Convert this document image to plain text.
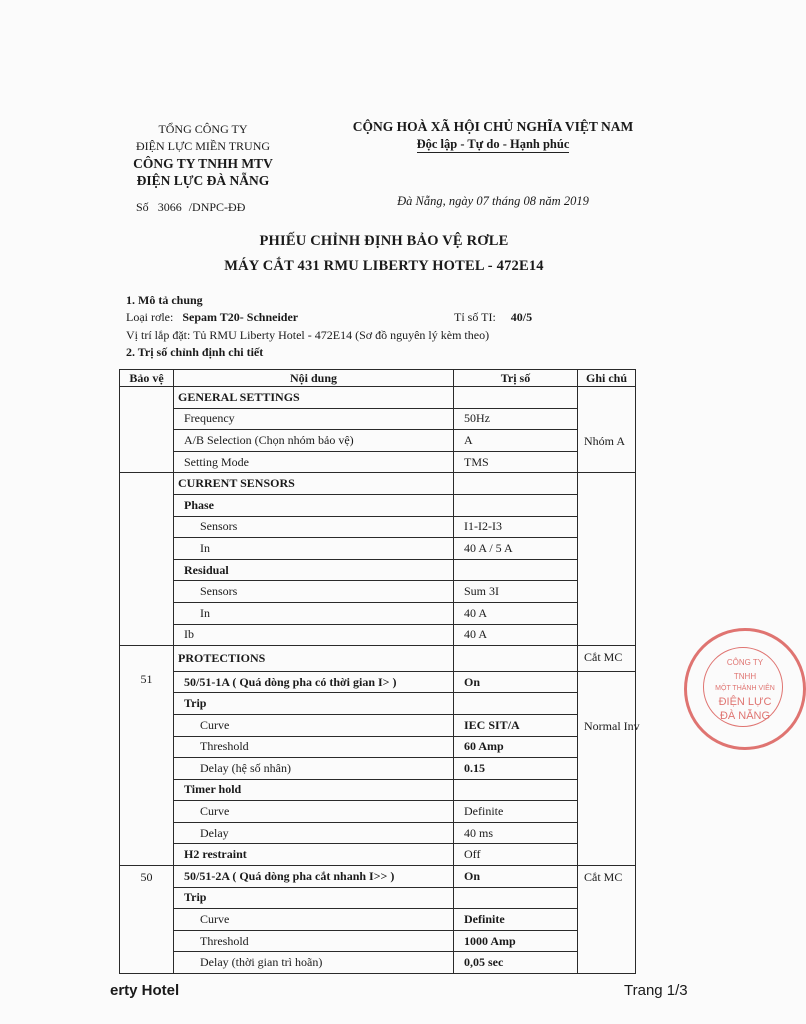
TỔNG CÔNG TY
ĐIỆN LỰC MIỀN TRUNG
CÔNG TY TNHH MTV
ĐIỆN LỰC ĐÀ NẴNG
Số 3066 /DNPC-ĐĐ
CỘNG HOÀ XÃ HỘI CHỦ NGHĨA VIỆT NAM
Độc lập - Tự do - Hạnh phúc
Đà Nẵng, ngày 07 tháng 08 năm 2019
PHIẾU CHỈNH ĐỊNH BẢO VỆ RƠLE
MÁY CẮT 431 RMU LIBERTY HOTEL - 472E14
1. Mô tả chung
Loại rơle: Sepam T20- Schneider	Tỉ số TI: 40/5
Vị trí lắp đặt: Tủ RMU Liberty Hotel - 472E14 (Sơ đồ nguyên lý kèm theo)
2. Trị số chỉnh định chi tiết
Bảo vệ	Nội dung	Trị số	Ghi chú
	GENERAL SETTINGS		Nhóm A
	Frequency	50Hz	
	A/B Selection (Chọn nhóm bảo vệ)	A	
	Setting Mode	TMS	
	CURRENT SENSORS		
	Phase		
	Sensors	I1-I2-I3	
	In	40 A / 5 A	
	Residual		
	Sensors	Sum 3I	
	In	40 A	
	Ib	40 A	
51	PROTECTIONS		Cắt MC
	50/51-1A ( Quá dòng pha có thời gian I> )	On	Normal Inv
	Trip		
	Curve	IEC SIT/A	
	Threshold	60 Amp	
	Delay (hệ số nhân)	0.15	
	Timer hold		
	Curve	Definite	
	Delay	40 ms	
	H2 restraint	Off	
50	50/51-2A ( Quá dòng pha cắt nhanh I>> )	On	Cắt MC
	Trip		
	Curve	Definite	
	Threshold	1000 Amp	
	Delay (thời gian trì hoãn)	0,05 sec	
CÔNG TY
TNHH
MỘT THÀNH VIÊN
ĐIỆN LỰC
ĐÀ NẴNG
erty Hotel	Trang 1/3
